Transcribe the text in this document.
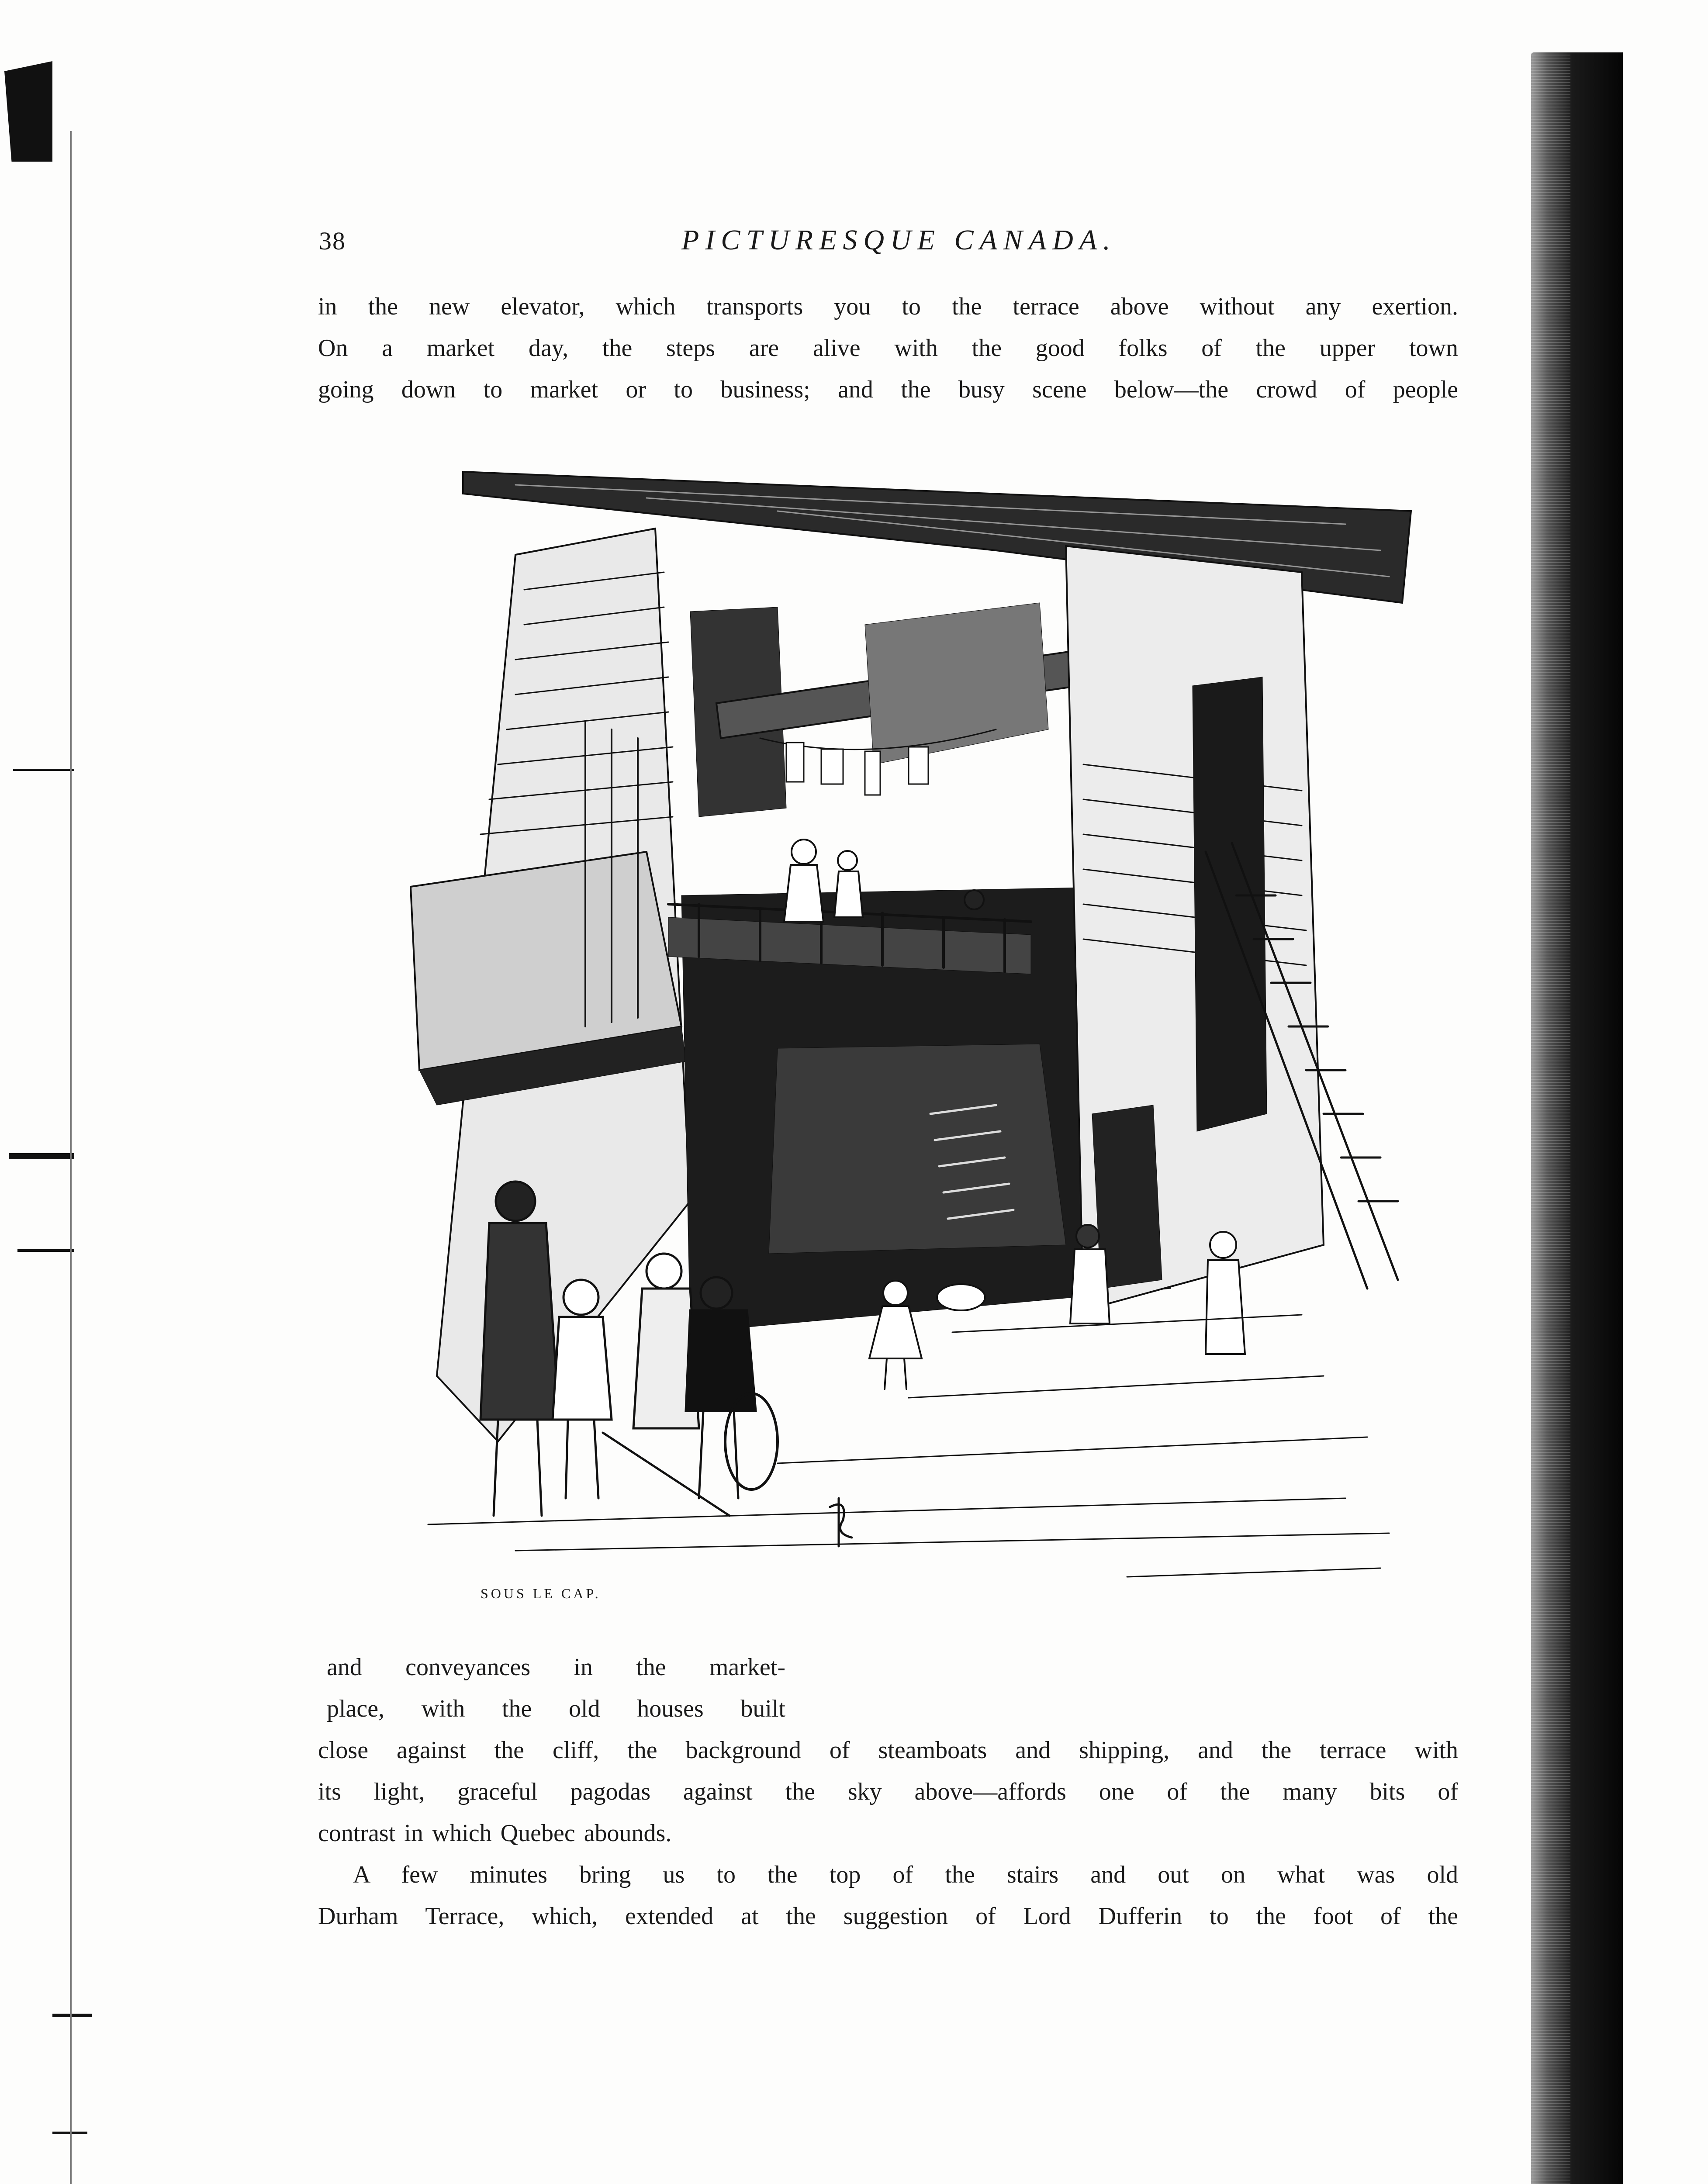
38	PICTURESQUE CANADA.
in the new elevator, which transports you to the terrace above without any exertion.
On a market day, the steps are alive with the good folks of the upper town
going down to market or to business; and the busy scene below—the crowd of people
SOUS LE CAP.
and conveyances in the market-
place, with the old houses built
close against the cliff, the background of steamboats and shipping, and the terrace with
its light, graceful pagodas against the sky above—affords one of the many bits of
contrast in which Quebec abounds.
A few minutes bring us to the top of the stairs and out on what was old
Durham Terrace, which, extended at the suggestion of Lord Dufferin to the foot of the
